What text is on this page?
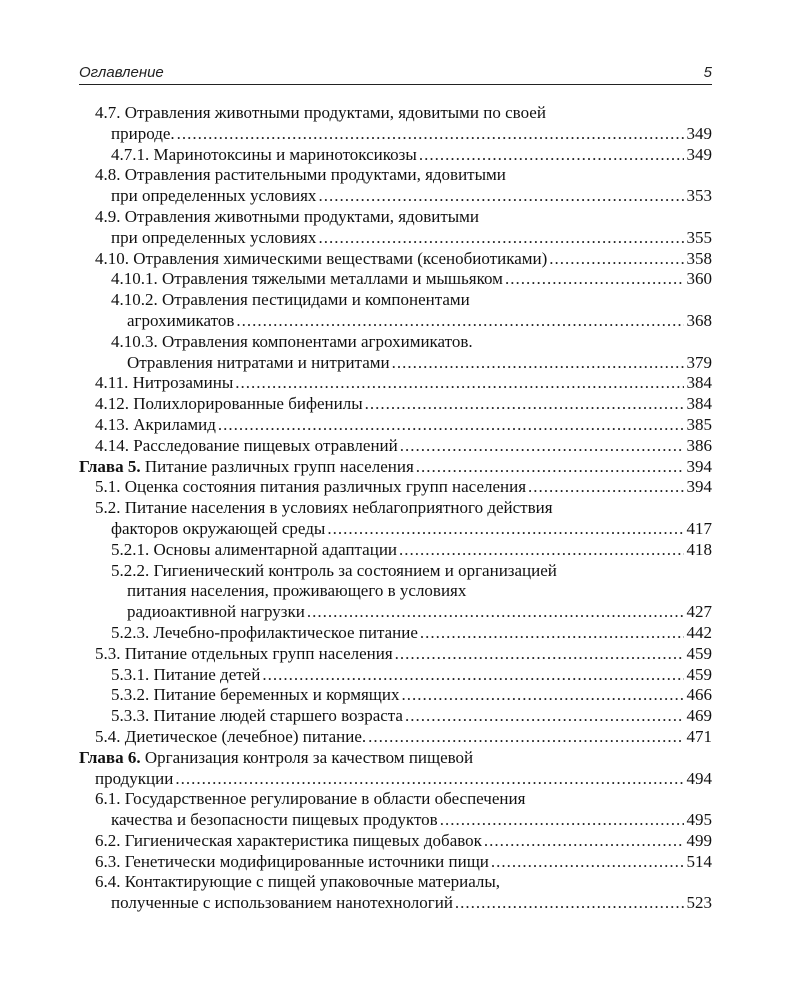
Оглавление	5
4.7. Отравления животными продуктами, ядовитыми по своей
природе. .....	349
4.7.1. Маринотоксины и маринотоксикозы .....	349
4.8. Отравления растительными продуктами, ядовитыми
при определенных условиях .....	353
4.9. Отравления животными продуктами, ядовитыми
при определенных условиях .....	355
4.10. Отравления химическими веществами (ксенобиотиками) .....	358
4.10.1. Отравления тяжелыми металлами и мышьяком .....	360
4.10.2. Отравления пестицидами и компонентами
агрохимикатов .....	368
4.10.3. Отравления компонентами агрохимикатов.
Отравления нитратами и нитритами .....	379
4.11. Нитрозамины .....	384
4.12. Полихлорированные бифенилы .....	384
4.13. Акриламид .....	385
4.14. Расследование пищевых отравлений .....	386
Глава 5. Питание различных групп населения .....	394
5.1. Оценка состояния питания различных групп населения .....	394
5.2. Питание населения в условиях неблагоприятного действия
факторов окружающей среды .....	417
5.2.1. Основы алиментарной адаптации .....	418
5.2.2. Гигиенический контроль за состоянием и организацией
питания населения, проживающего в условиях
радиоактивной нагрузки .....	427
5.2.3. Лечебно-профилактическое питание .....	442
5.3. Питание отдельных групп населения .....	459
5.3.1. Питание детей .....	459
5.3.2. Питание беременных и кормящих .....	466
5.3.3. Питание людей старшего возраста .....	469
5.4. Диетическое (лечебное) питание. .....	471
Глава 6. Организация контроля за качеством пищевой
продукции .....	494
6.1. Государственное регулирование в области обеспечения
качества и безопасности пищевых продуктов .....	495
6.2. Гигиеническая характеристика пищевых добавок .....	499
6.3. Генетически модифицированные источники пищи .....	514
6.4. Контактирующие с пищей упаковочные материалы,
полученные с использованием нанотехнологий .....	523
